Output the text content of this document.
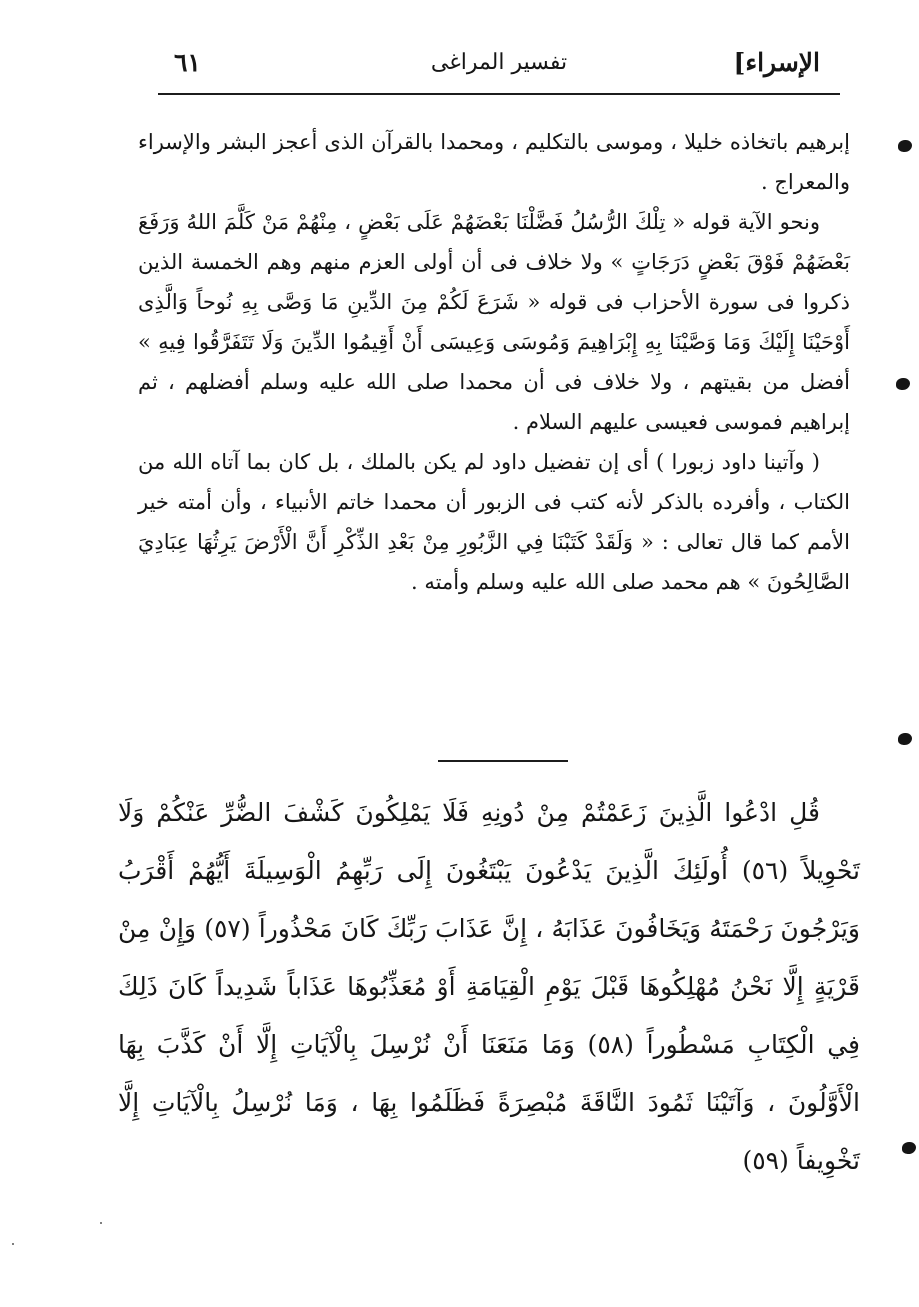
الإسراء]
تفسير المراغى
٦١

إبرهيم باتخاذه خليلا ، وموسى بالتكليم ، ومحمدا بالقرآن الذى أعجز البشر والإسراء والمعراج .

ونحو الآية قوله « تِلْكَ الرُّسُلُ فَضَّلْنَا بَعْضَهُمْ عَلَى بَعْضٍ ، مِنْهُمْ مَنْ كَلَّمَ اللهُ وَرَفَعَ بَعْضَهُمْ فَوْقَ بَعْضٍ دَرَجَاتٍ » ولا خلاف فى أن أولى العزم منهم وهم الخمسة الذين ذكروا فى سورة الأحزاب فى قوله « شَرَعَ لَكُمْ مِنَ الدِّينِ مَا وَصَّى بِهِ نُوحاً وَالَّذِى أَوْحَيْنَا إِلَيْكَ وَمَا وَصَّيْنَا بِهِ إِبْرَاهِيمَ وَمُوسَى وَعِيسَى أَنْ أَقِيمُوا الدِّينَ وَلَا تَتَفَرَّقُوا فِيهِ » أفضل من بقيتهم ، ولا خلاف فى أن محمدا صلى الله عليه وسلم أفضلهم ، ثم إبراهيم فموسى فعيسى عليهم السلام .

( وآتينا داود زبورا ) أى إن تفضيل داود لم يكن بالملك ، بل كان بما آتاه الله من الكتاب ، وأفرده بالذكر لأنه كتب فى الزبور أن محمدا خاتم الأنبياء ، وأن أمته خير الأمم كما قال تعالى : « وَلَقَدْ كَتَبْنَا فِي الزَّبُورِ مِنْ بَعْدِ الذِّكْرِ أَنَّ الْأَرْضَ يَرِثُهَا عِبَادِيَ الصَّالِحُونَ » هم محمد صلى الله عليه وسلم وأمته .

قُلِ ادْعُوا الَّذِينَ زَعَمْتُمْ مِنْ دُونِهِ فَلَا يَمْلِكُونَ كَشْفَ الضُّرِّ عَنْكُمْ وَلَا تَحْوِيلاً (٥٦) أُولَئِكَ الَّذِينَ يَدْعُونَ يَبْتَغُونَ إِلَى رَبِّهِمُ الْوَسِيلَةَ أَيُّهُمْ أَقْرَبُ وَيَرْجُونَ رَحْمَتَهُ وَيَخَافُونَ عَذَابَهُ ، إِنَّ عَذَابَ رَبِّكَ كَانَ مَحْذُوراً (٥٧) وَإِنْ مِنْ قَرْيَةٍ إِلَّا نَحْنُ مُهْلِكُوهَا قَبْلَ يَوْمِ الْقِيَامَةِ أَوْ مُعَذِّبُوهَا عَذَاباً شَدِيداً كَانَ ذَلِكَ فِي الْكِتَابِ مَسْطُوراً (٥٨) وَمَا مَنَعَنَا أَنْ نُرْسِلَ بِالْآيَاتِ إِلَّا أَنْ كَذَّبَ بِهَا الْأَوَّلُونَ ، وَآتَيْنَا ثَمُودَ النَّاقَةَ مُبْصِرَةً فَظَلَمُوا بِهَا ، وَمَا نُرْسِلُ بِالْآيَاتِ إِلَّا تَخْوِيفاً (٥٩)
